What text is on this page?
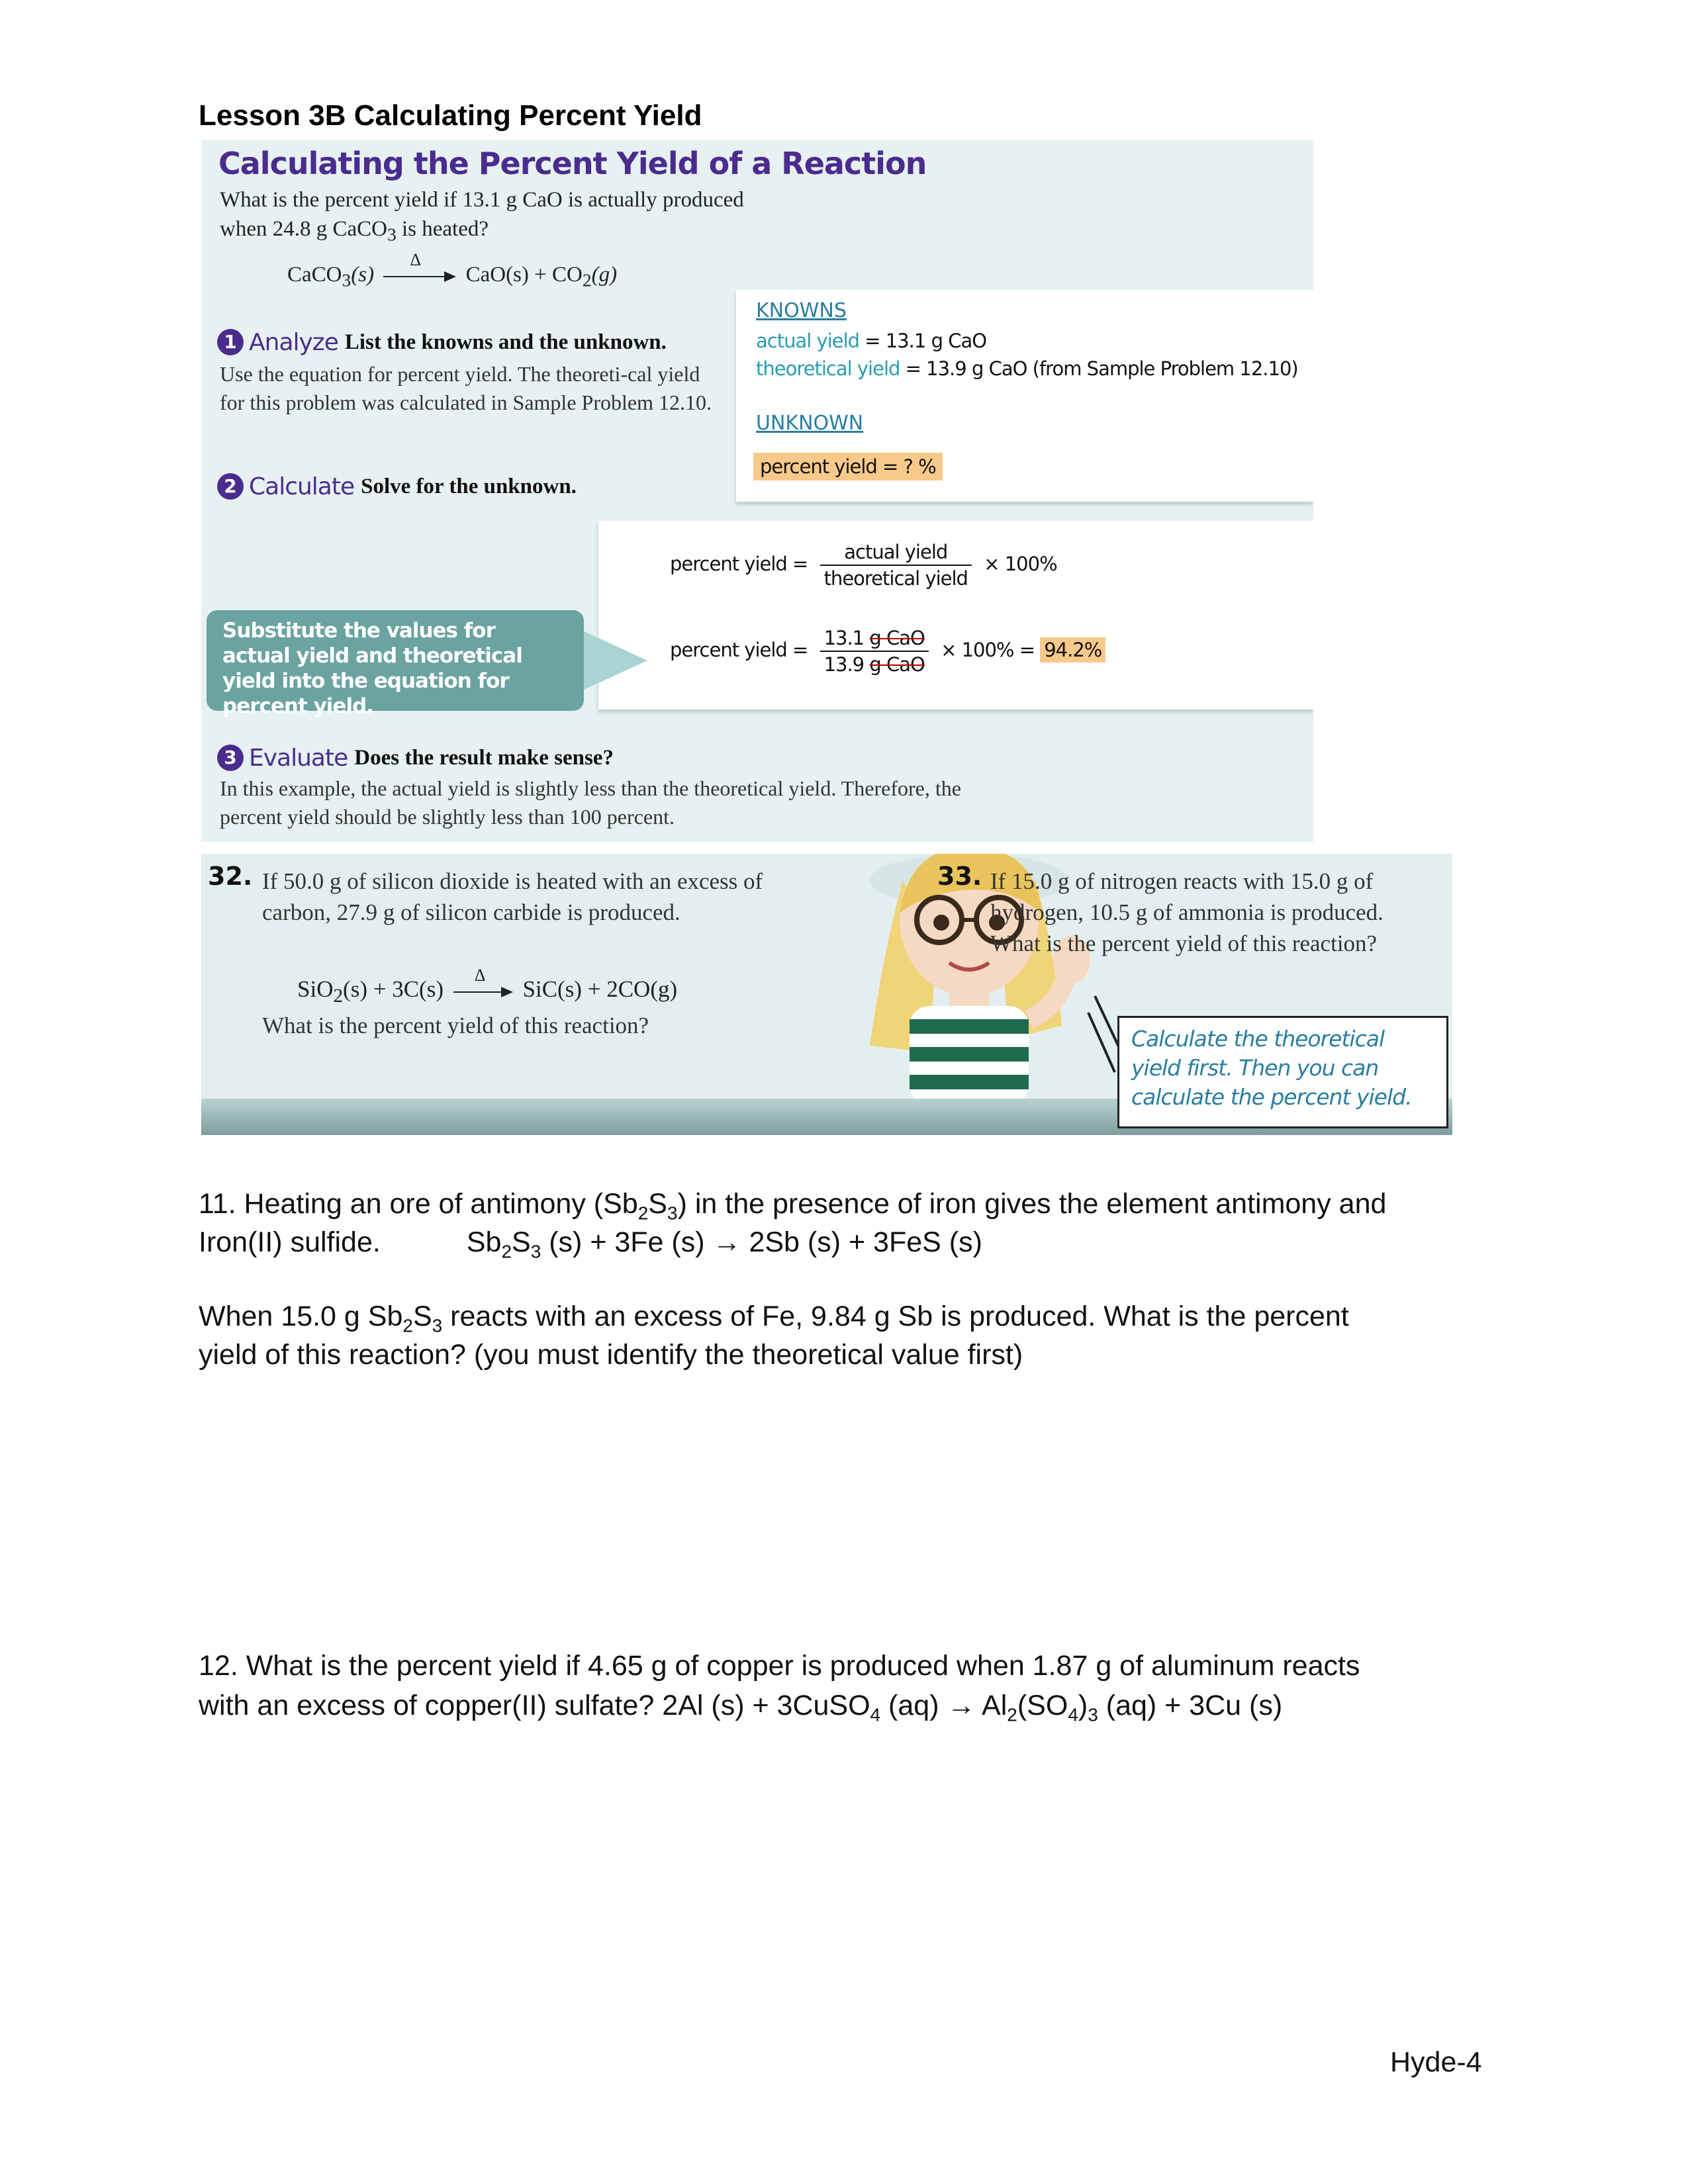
Lesson 3B Calculating Percent Yield
Calculating the Percent Yield of a Reaction
What is the percent yield if 13.1 g CaO is actually produced
when 24.8 g CaCO$_3$ is heated?
CaCO$_3$(s)
Δ
$CaO(s) + CO_2(g)$
1 Analyze List the knowns and the unknown.
Use the equation for percent yield. The theoreti-cal yield for this problem was calculated in Sample Problem 12.10.
KNOWNS
actual yield = 13.1 g CaO
theoretical yield = 13.9 g CaO (from Sample Problem 12.10)
UNKNOWN
percent yield = ? %
2 Calculate Solve for the unknown.
percent yield = $\frac{\text{actual yield}}{\text{theoretical yield}} \times 100\%$
percent yield = $\frac{\text{13.1 g CaO}}{\text{13.9 g CaO}} \times 100\% = 94.2\%$
Substitute the values for actual yield and theoretical yield into the equation for percent yield.
3 Evaluate Does the result make sense?
In this example, the actual yield is slightly less than the theoretical yield. Therefore, the percent yield should be slightly less than 100 percent.
32. If 50.0 g of silicon dioxide is heated with an excess of carbon, 27.9 g of silicon carbide is produced.
SiO$_2$(s) + 3C(s)
Δ
SiC(s) + 2CO(g)
What is the percent yield of this reaction?
33. If 15.0 g of nitrogen reacts with 15.0 g of hydrogen, 10.5 g of ammonia is produced. What is the percent yield of this reaction?
Calculate the theoretical yield first. Then you can calculate the percent yield.
11. Heating an ore of antimony $(Sb_2S_3)$ in the presence of iron gives the element antimony and
Iron(II) sulfide.	$Sb_2S_3$ (s) + 3Fe (s) → 2Sb (s) + 3FeS (s)
When 15.0 g $Sb_2S_3$ reacts with an excess of Fe, 9.84 g Sb is produced. What is the percent
yield of this reaction? (you must identify the theoretical value first)
12. What is the percent yield if 4.65 g of copper is produced when 1.87 g of aluminum reacts
with an excess of copper(II) sulfate? 2Al (s) + 3CuSO$_4$ $(aq) \to Al_2(SO_4)_3$ (aq) + 3Cu (s)
Hyde-4
